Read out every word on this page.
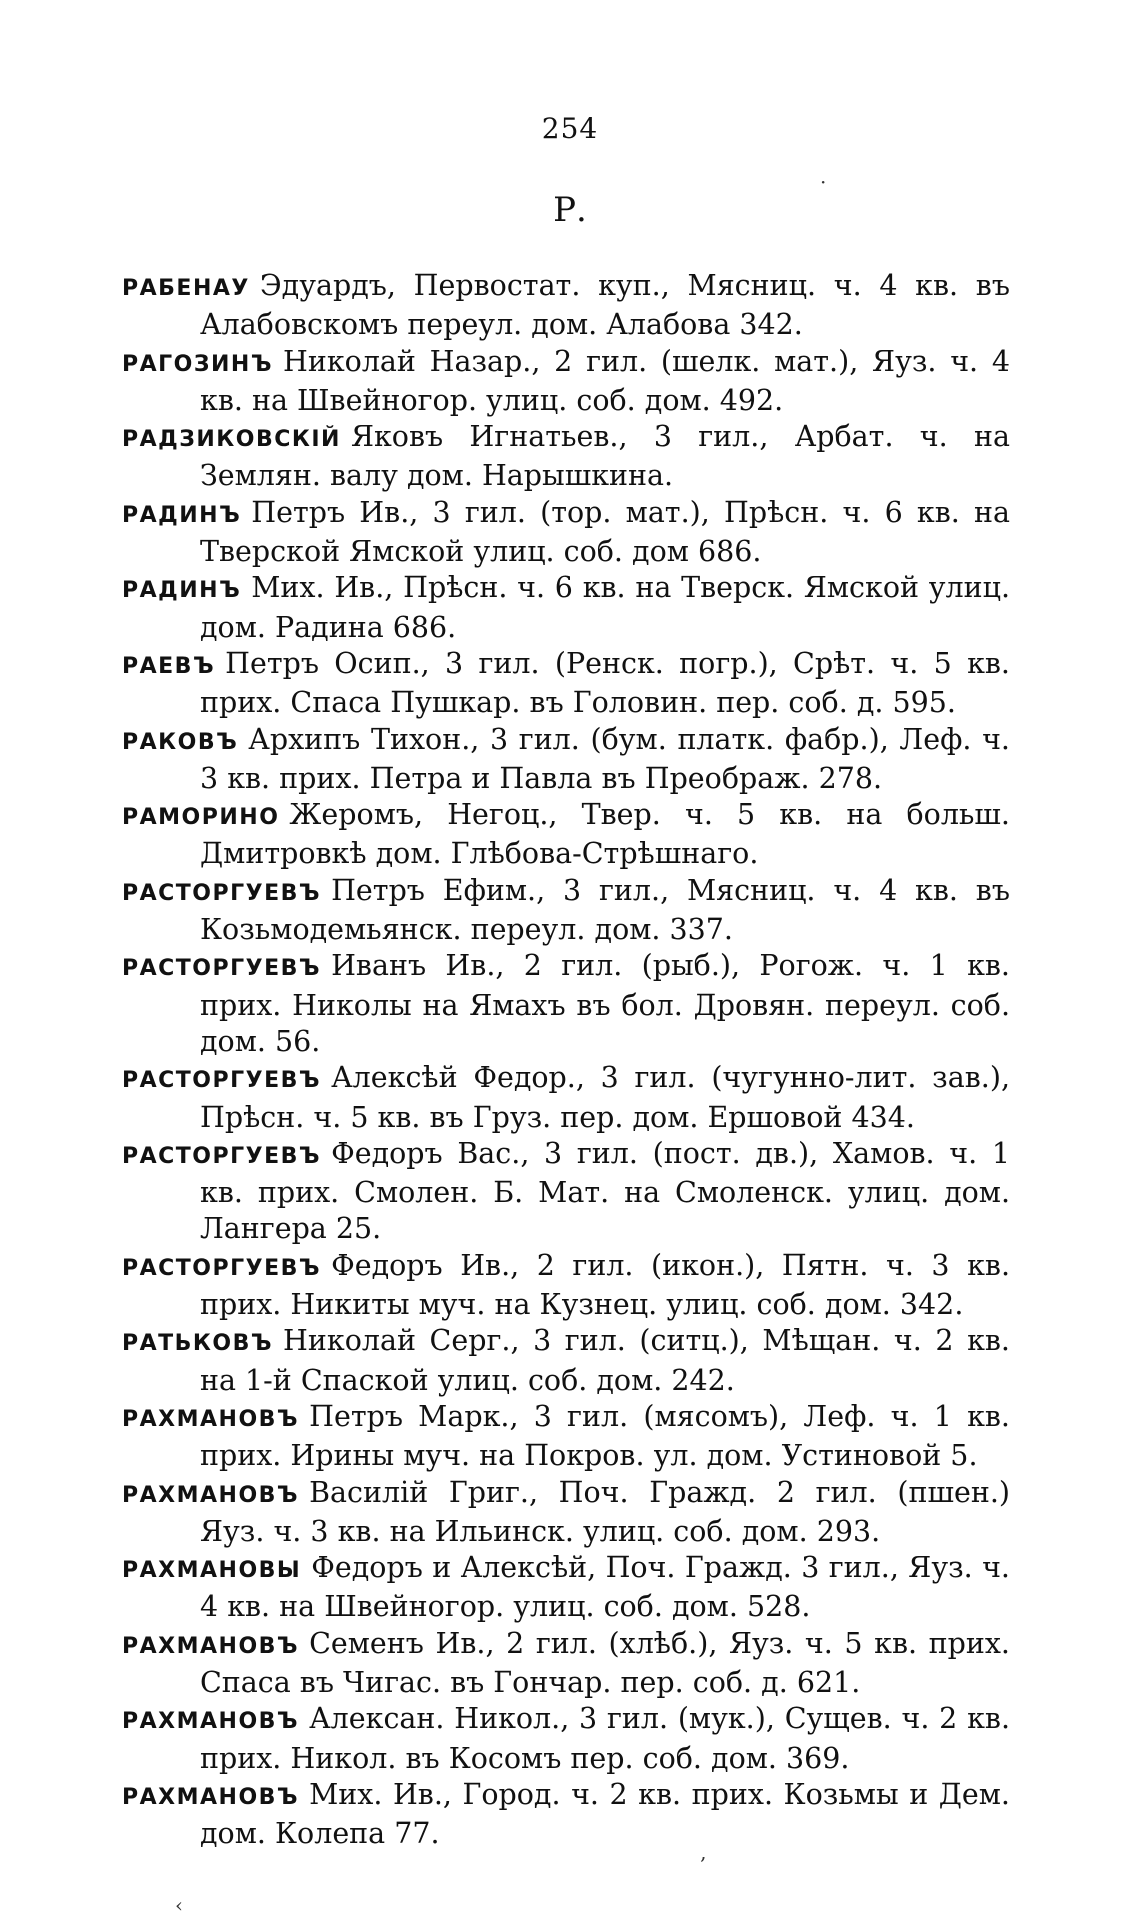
254
Р.

РАБЕНАУ Эдуардъ, Первостат. куп., Мясниц. ч. 4 кв. въ Алабовскомъ переул. дом. Алабова 342.

РАГОЗИНЪ Николай Назар., 2 гил. (шелк. мат.), Яуз. ч. 4 кв. на Швейногор. улиц. соб. дом. 492.

РАДЗИКОВСКІЙ Яковъ Игнатьев., 3 гил., Арбат. ч. на Землян. валу дом. Нарышкина.

РАДИНЪ Петръ Ив., 3 гил. (тор. мат.), Прѣсн. ч. 6 кв. на Тверской Ямской улиц. соб. дом 686.

РАДИНЪ Мих. Ив., Прѣсн. ч. 6 кв. на Тверск. Ямской улиц. дом. Радина 686.

РАЕВЪ Петръ Осип., 3 гил. (Ренск. погр.), Срѣт. ч. 5 кв. прих. Спаса Пушкар. въ Головин. пер. соб. д. 595.

РАКОВЪ Архипъ Тихон., 3 гил. (бум. платк. фабр.), Леф. ч. 3 кв. прих. Петра и Павла въ Преображ. 278.

РАМОРИНО Жеромъ, Негоц., Твер. ч. 5 кв. на больш. Дмитровкѣ дом. Глѣбова-Стрѣшнаго.

РАСТОРГУЕВЪ Петръ Ефим., 3 гил., Мясниц. ч. 4 кв. въ Козьмодемьянск. переул. дом. 337.

РАСТОРГУЕВЪ Иванъ Ив., 2 гил. (рыб.), Рогож. ч. 1 кв. прих. Николы на Ямахъ въ бол. Дровян. переул. соб. дом. 56.

РАСТОРГУЕВЪ Алексѣй Федор., 3 гил. (чугунно-лит. зав.), Прѣсн. ч. 5 кв. въ Груз. пер. дом. Ершовой 434.

РАСТОРГУЕВЪ Федоръ Вас., 3 гил. (пост. дв.), Хамов. ч. 1 кв. прих. Смолен. Б. Мат. на Смоленск. улиц. дом. Лангера 25.

РАСТОРГУЕВЪ Федоръ Ив., 2 гил. (икон.), Пятн. ч. 3 кв. прих. Никиты муч. на Кузнец. улиц. соб. дом. 342.

РАТЬКОВЪ Николай Серг., 3 гил. (ситц.), Мѣщан. ч. 2 кв. на 1-й Спаской улиц. соб. дом. 242.

РАХМАНОВЪ Петръ Марк., 3 гил. (мясомъ), Леф. ч. 1 кв. прих. Ирины муч. на Покров. ул. дом. Устиновой 5.

РАХМАНОВЪ Василій Григ., Поч. Гражд. 2 гил. (пшен.) Яуз. ч. 3 кв. на Ильинск. улиц. соб. дом. 293.

РАХМАНОВЫ Федоръ и Алексѣй, Поч. Гражд. 3 гил., Яуз. ч. 4 кв. на Швейногор. улиц. соб. дом. 528.

РАХМАНОВЪ Семенъ Ив., 2 гил. (хлѣб.), Яуз. ч. 5 кв. прих. Спаса въ Чигас. въ Гончар. пер. соб. д. 621.

РАХМАНОВЪ Алексан. Никол., 3 гил. (мук.), Сущев. ч. 2 кв. прих. Никол. въ Косомъ пер. соб. дом. 369.

РАХМАНОВЪ Мих. Ив., Город. ч. 2 кв. прих. Козьмы и Дем. дом. Колепа 77.

·
‚
‹
